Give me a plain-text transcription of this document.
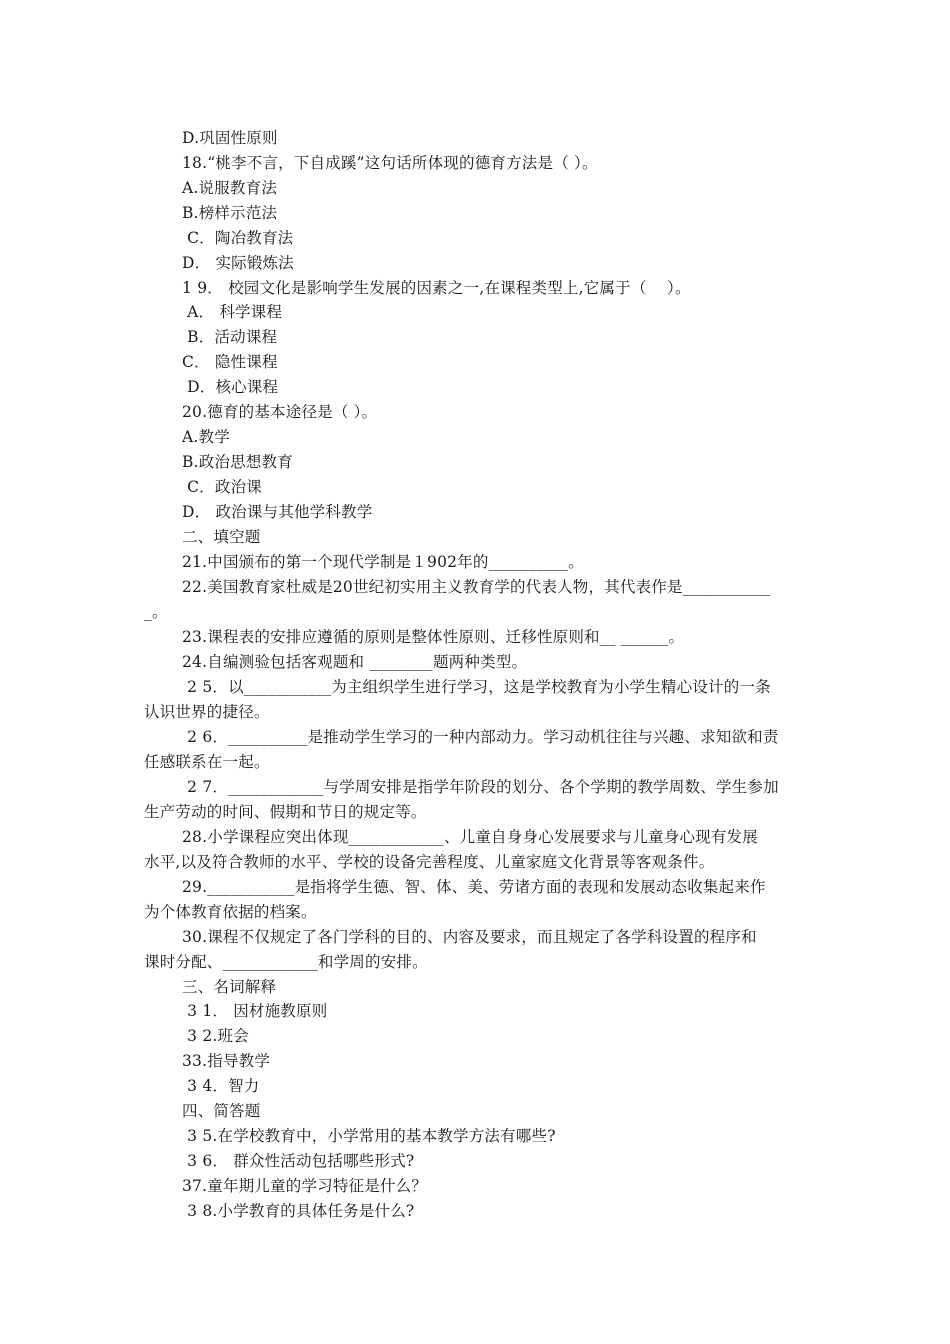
D.巩固性原则
18.“桃李不言，下自成蹊”这句话所体现的德育方法是（ ）。
A.说服教育法
B.榜样示范法
C．陶冶教育法
D． 实际锻炼法
1 9． 校园文化是影响学生发展的因素之一,在课程类型上,它属于（    ）。
A． 科学课程
B．活动课程
C． 隐性课程
D．核心课程
20.德育的基本途径是（ ）。
A.教学
B.政治思想教育
C．政治课
D． 政治课与其他学科教学
二、填空题
21.中国颁布的第一个现代学制是１902年的__________。
22.美国教育家杜威是20世纪初实用主义教育学的代表人物，其代表作是___________
_。
23.课程表的安排应遵循的原则是整体性原则、迁移性原则和__ ______。
24.自编测验包括客观题和 ________题两种类型。
2 5．以___________为主组织学生进行学习，这是学校教育为小学生精心设计的一条
认识世界的捷径。
2 6．__________是推动学生学习的一种内部动力。学习动机往往与兴趣、求知欲和责
任感联系在一起。
2 7．____________与学周安排是指学年阶段的划分、各个学期的教学周数、学生参加
生产劳动的时间、假期和节日的规定等。
28.小学课程应突出体现____________、儿童自身身心发展要求与儿童身心现有发展
水平,以及符合教师的水平、学校的设备完善程度、儿童家庭文化背景等客观条件。
29.___________是指将学生德、智、体、美、劳诸方面的表现和发展动态收集起来作
为个体教育依据的档案。
30.课程不仅规定了各门学科的目的、内容及要求，而且规定了各学科设置的程序和
课时分配、____________和学周的安排。
三、名词解释
3 1． 因材施教原则
3 2.班会
33.指导教学
3 4．智力
四、简答题
3 5.在学校教育中，小学常用的基本教学方法有哪些?
3 6． 群众性活动包括哪些形式?
37.童年期儿童的学习特征是什么？
3 8.小学教育的具体任务是什么?
